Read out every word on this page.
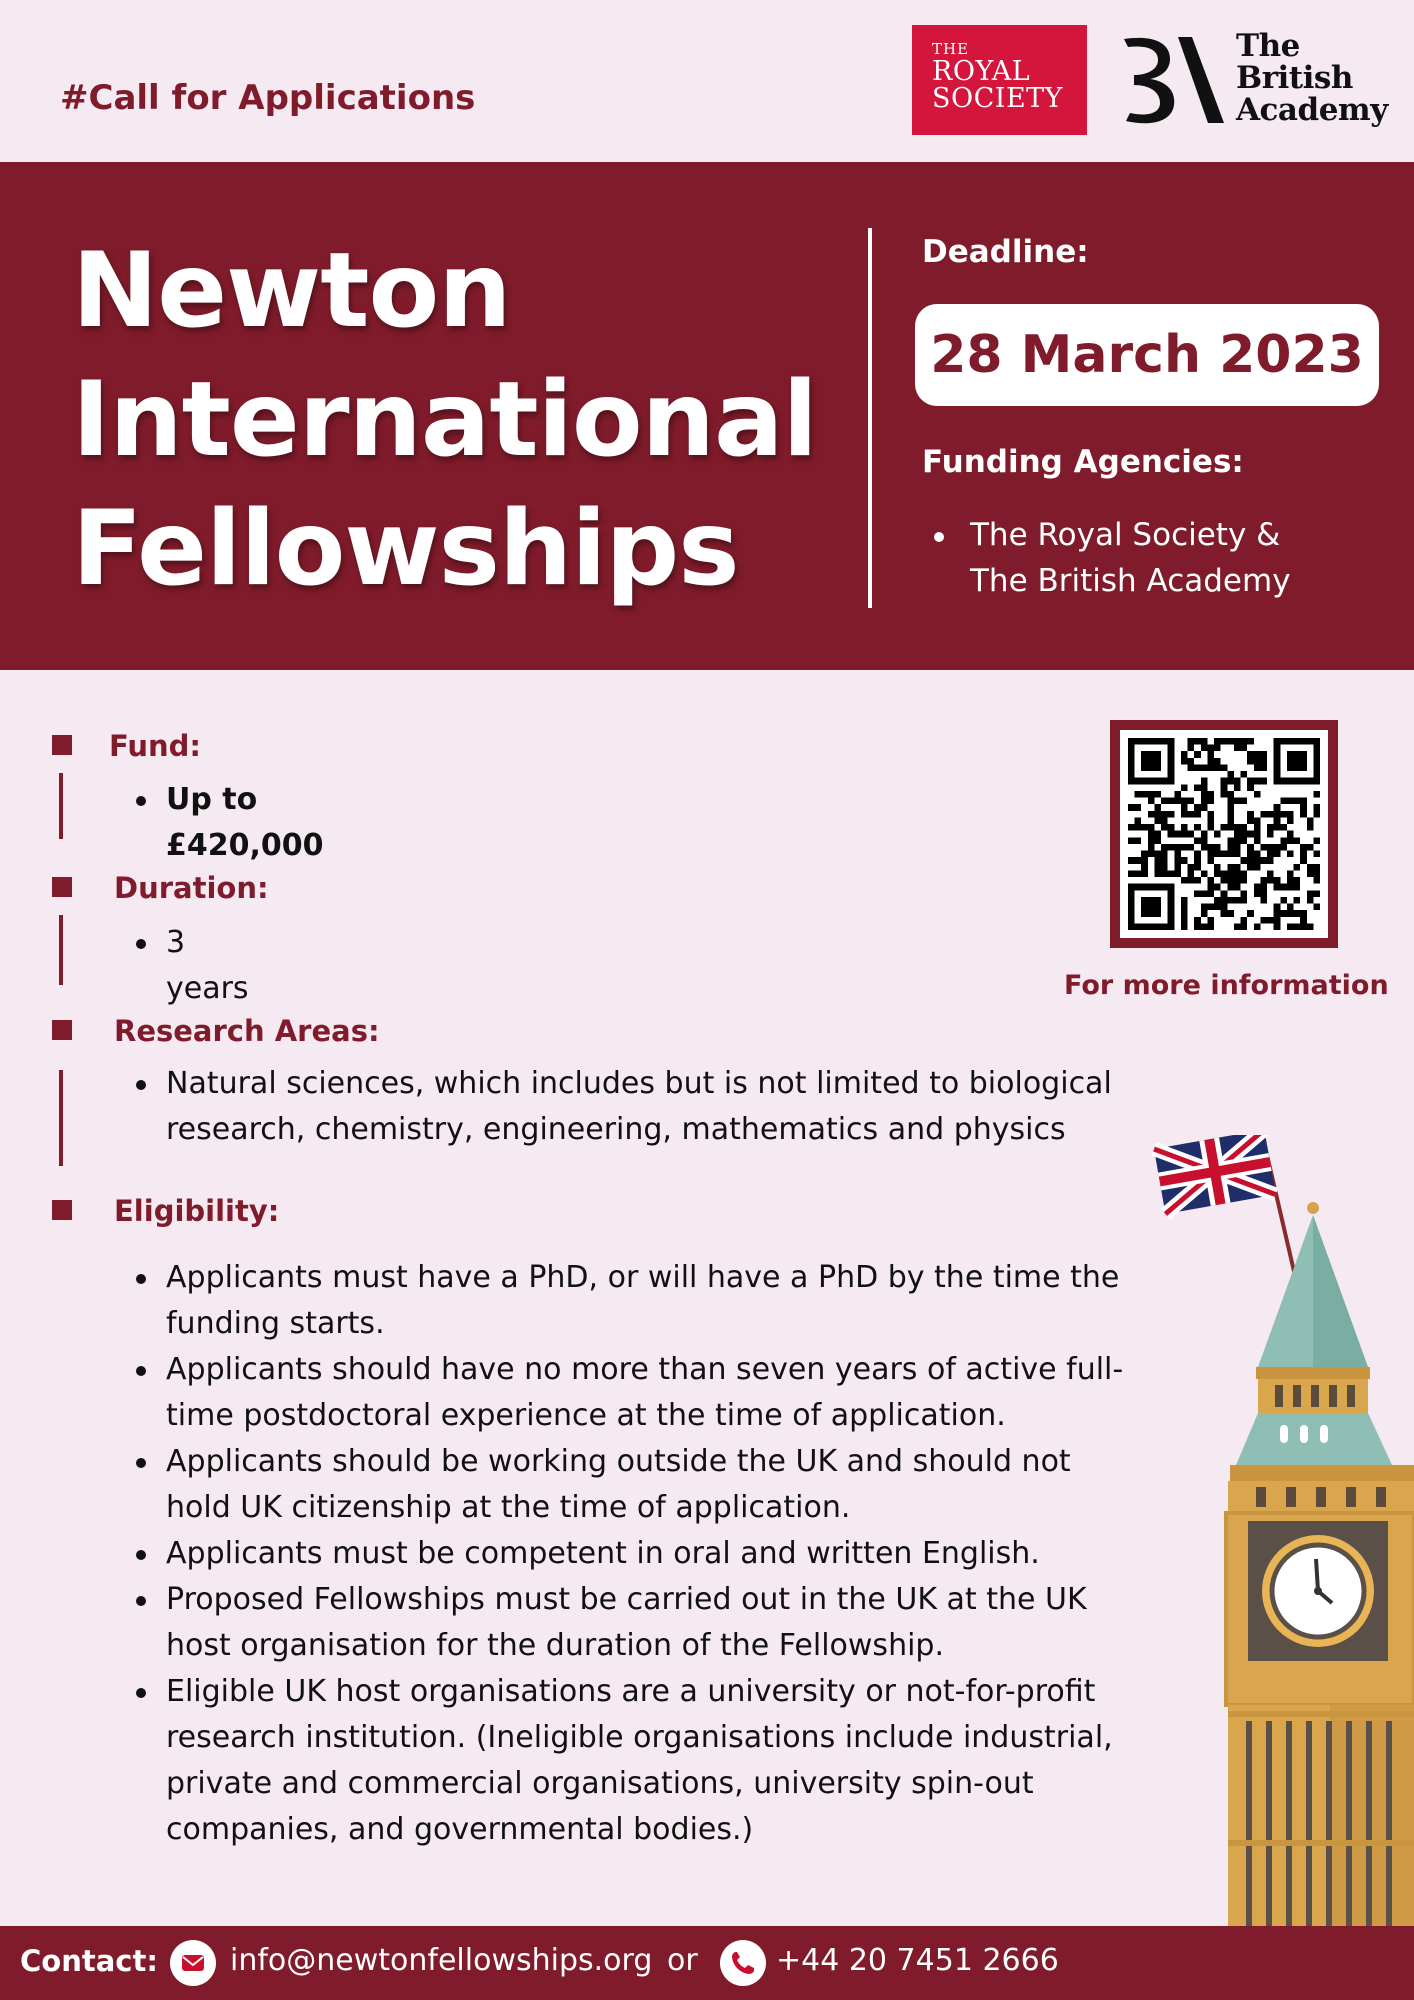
#Call for Applications
THE
ROYAL
SOCIETY
The
British
Academy
Newton
International
Fellowships
Deadline:
28 March 2023
Funding Agencies:
The Royal Society &
The British Academy
Fund:
Up to £420,000
Duration:
3 years
Research Areas:
Natural sciences, which includes but is not limited to biological
research, chemistry, engineering, mathematics and physics
Eligibility:
Applicants must have a PhD, or will have a PhD by the time the
funding starts.
Applicants should have no more than seven years of active full-
time postdoctoral experience at the time of application.
Applicants should be working outside the UK and should not
hold UK citizenship at the time of application.
Applicants must be competent in oral and written English.
Proposed Fellowships must be carried out in the UK at the UK
host organisation for the duration of the Fellowship.
Eligible UK host organisations are a university or not-for-profit
research institution. (Ineligible organisations include industrial,
private and commercial organisations, university spin-out
companies, and governmental bodies.)
For more information
Contact: info@newtonfellowships.org or	+44 20 7451 2666
